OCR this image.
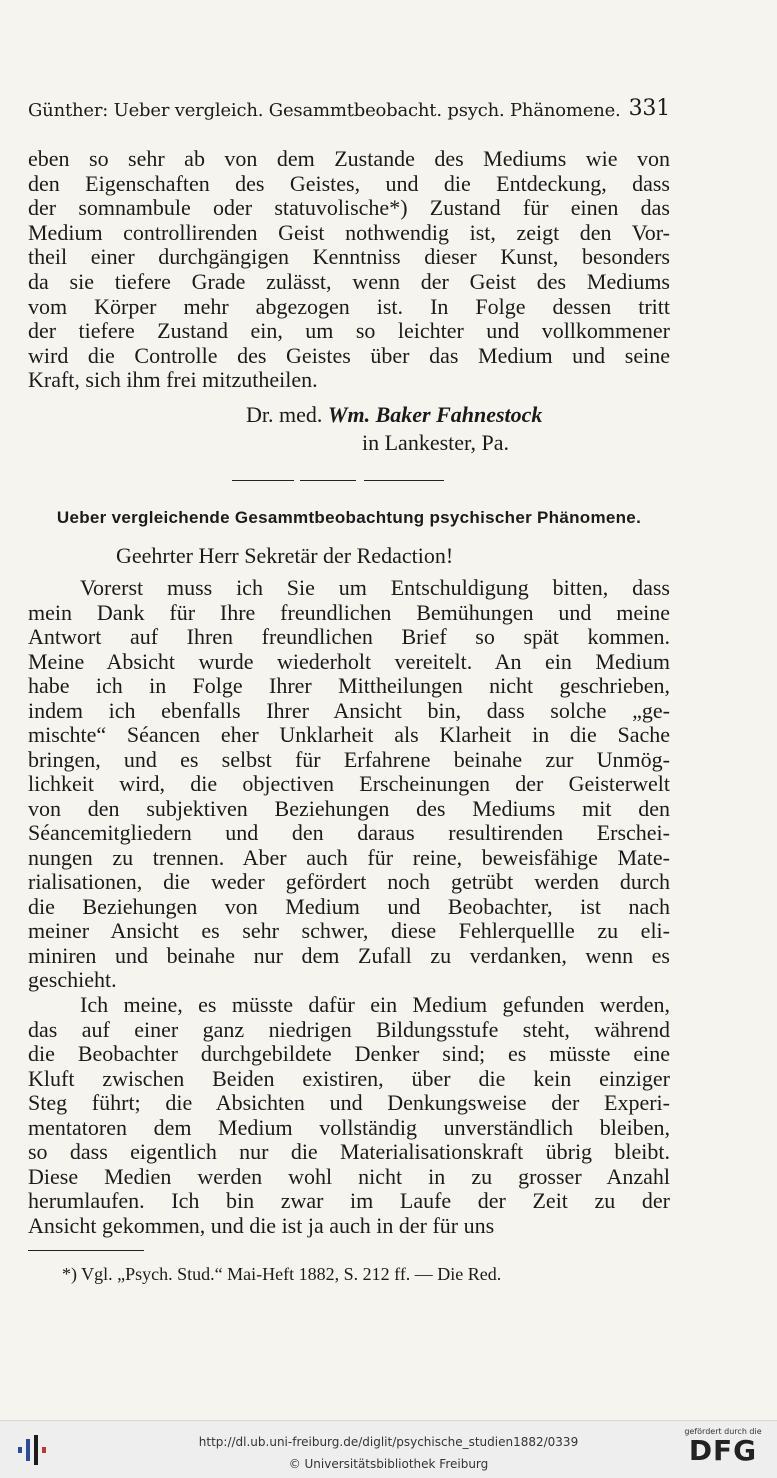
Günther: Ueber vergleich. Gesammtbeobacht. psych. Phänomene. 331
eben so sehr ab von dem Zustande des Mediums wie von
den Eigenschaften des Geistes, und die Entdeckung, dass
der somnambule oder statuvolische*) Zustand für einen das
Medium controllirenden Geist nothwendig ist, zeigt den Vor-
theil einer durchgängigen Kenntniss dieser Kunst, besonders
da sie tiefere Grade zulässt, wenn der Geist des Mediums
vom Körper mehr abgezogen ist. In Folge dessen tritt
der tiefere Zustand ein, um so leichter und vollkommener
wird die Controlle des Geistes über das Medium und seine
Kraft, sich ihm frei mitzutheilen.
Dr. med. Wm. Baker Fahnestock
in Lankester, Pa.
Ueber vergleichende Gesammtbeobachtung psychischer Phänomene.
Geehrter Herr Sekretär der Redaction!
Vorerst muss ich Sie um Entschuldigung bitten, dass
mein Dank für Ihre freundlichen Bemühungen und meine
Antwort auf Ihren freundlichen Brief so spät kommen.
Meine Absicht wurde wiederholt vereitelt. An ein Medium
habe ich in Folge Ihrer Mittheilungen nicht geschrieben,
indem ich ebenfalls Ihrer Ansicht bin, dass solche „ge-
mischte“ Séancen eher Unklarheit als Klarheit in die Sache
bringen, und es selbst für Erfahrene beinahe zur Unmög-
lichkeit wird, die objectiven Erscheinungen der Geisterwelt
von den subjektiven Beziehungen des Mediums mit den
Séancemitgliedern und den daraus resultirenden Erschei-
nungen zu trennen. Aber auch für reine, beweisfähige Mate-
rialisationen, die weder gefördert noch getrübt werden durch
die Beziehungen von Medium und Beobachter, ist nach
meiner Ansicht es sehr schwer, diese Fehlerquellle zu eli-
miniren und beinahe nur dem Zufall zu verdanken, wenn es
geschieht.
Ich meine, es müsste dafür ein Medium gefunden werden,
das auf einer ganz niedrigen Bildungsstufe steht, während
die Beobachter durchgebildete Denker sind; es müsste eine
Kluft zwischen Beiden existiren, über die kein einziger
Steg führt; die Absichten und Denkungsweise der Experi-
mentatoren dem Medium vollständig unverständlich bleiben,
so dass eigentlich nur die Materialisationskraft übrig bleibt.
Diese Medien werden wohl nicht in zu grosser Anzahl
herumlaufen. Ich bin zwar im Laufe der Zeit zu der
Ansicht gekommen, und die ist ja auch in der für uns
*) Vgl. „Psych. Stud.“ Mai-Heft 1882, S. 212 ff. — Die Red.
http://dl.ub.uni-freiburg.de/diglit/psychische_studien1882/0339
© Universitätsbibliothek Freiburg
gefördert durch die
DFG
